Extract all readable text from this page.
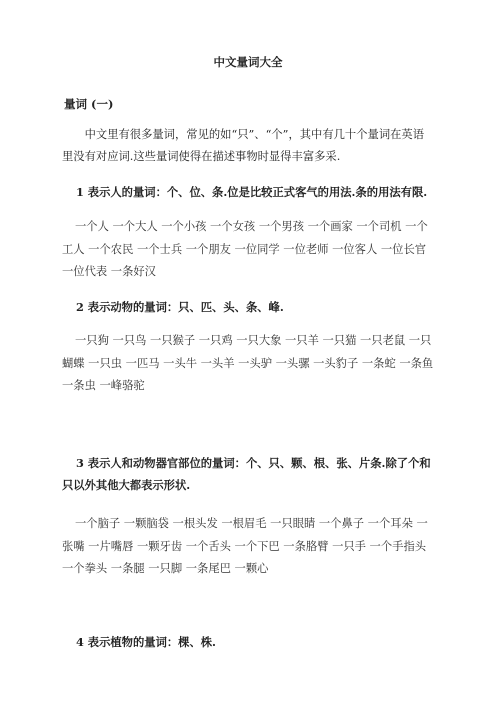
中文量词大全
量词 (一)

中文里有很多量词，常见的如“只”、“个”，其中有几十个量词在英语里没有对应词.这些量词使得在描述事物时显得丰富多采.

1 表示人的量词：个、位、条.位是比较正式客气的用法.条的用法有限.

一个人 一个大人 一个小孩 一个女孩 一个男孩 一个画家 一个司机 一个工人 一个农民 一个士兵 一个朋友 一位同学 一位老师 一位客人 一位长官 一位代表 一条好汉

2 表示动物的量词：只、匹、头、条、峰.

一只狗 一只鸟 一只猴子 一只鸡 一只大象 一只羊 一只猫 一只老鼠 一只蝴蝶 一只虫 一匹马 一头牛 一头羊 一头驴 一头骡 一头豹子 一条蛇 一条鱼 一条虫 一峰骆驼

3 表示人和动物器官部位的量词：个、只、颗、根、张、片条.除了个和只以外其他大都表示形状.

一个脑子 一颗脑袋 一根头发 一根眉毛 一只眼睛 一个鼻子 一个耳朵 一张嘴 一片嘴唇 一颗牙齿 一个舌头 一个下巴 一条胳臂 一只手 一个手指头 一个拳头 一条腿 一只脚 一条尾巴 一颗心

4 表示植物的量词：棵、株.
